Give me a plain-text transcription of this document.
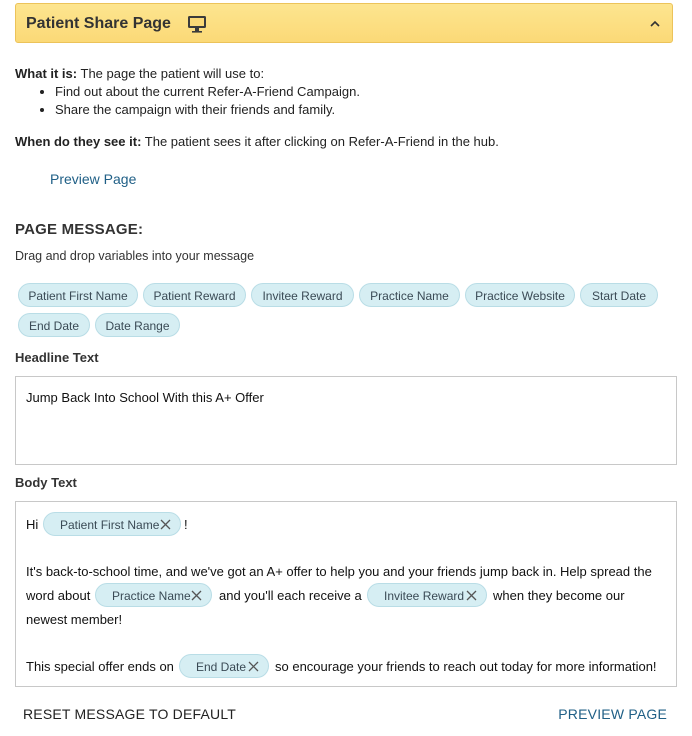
Patient Share Page
What it is: The page the patient will use to:
• Find out about the current Refer-A-Friend Campaign.
• Share the campaign with their friends and family.
When do they see it: The patient sees it after clicking on Refer-A-Friend in the hub.
Preview Page
PAGE MESSAGE:
Drag and drop variables into your message
Patient First Name	Patient Reward	Invitee Reward	Practice Name	Practice Website	Start Date
End Date	Date Range
Headline Text
Jump Back Into School With this A+ Offer
Body Text
Hi	Patient First Name	!
It's back-to-school time, and we've got an A+ offer to help you and your friends jump back in. Help spread the
word about	Practice Name	and you'll each receive a	Invitee Reward	when they become our
newest member!
This special offer ends on	End Date	so encourage your friends to reach out today for more information!
RESET MESSAGE TO DEFAULT	PREVIEW PAGE
